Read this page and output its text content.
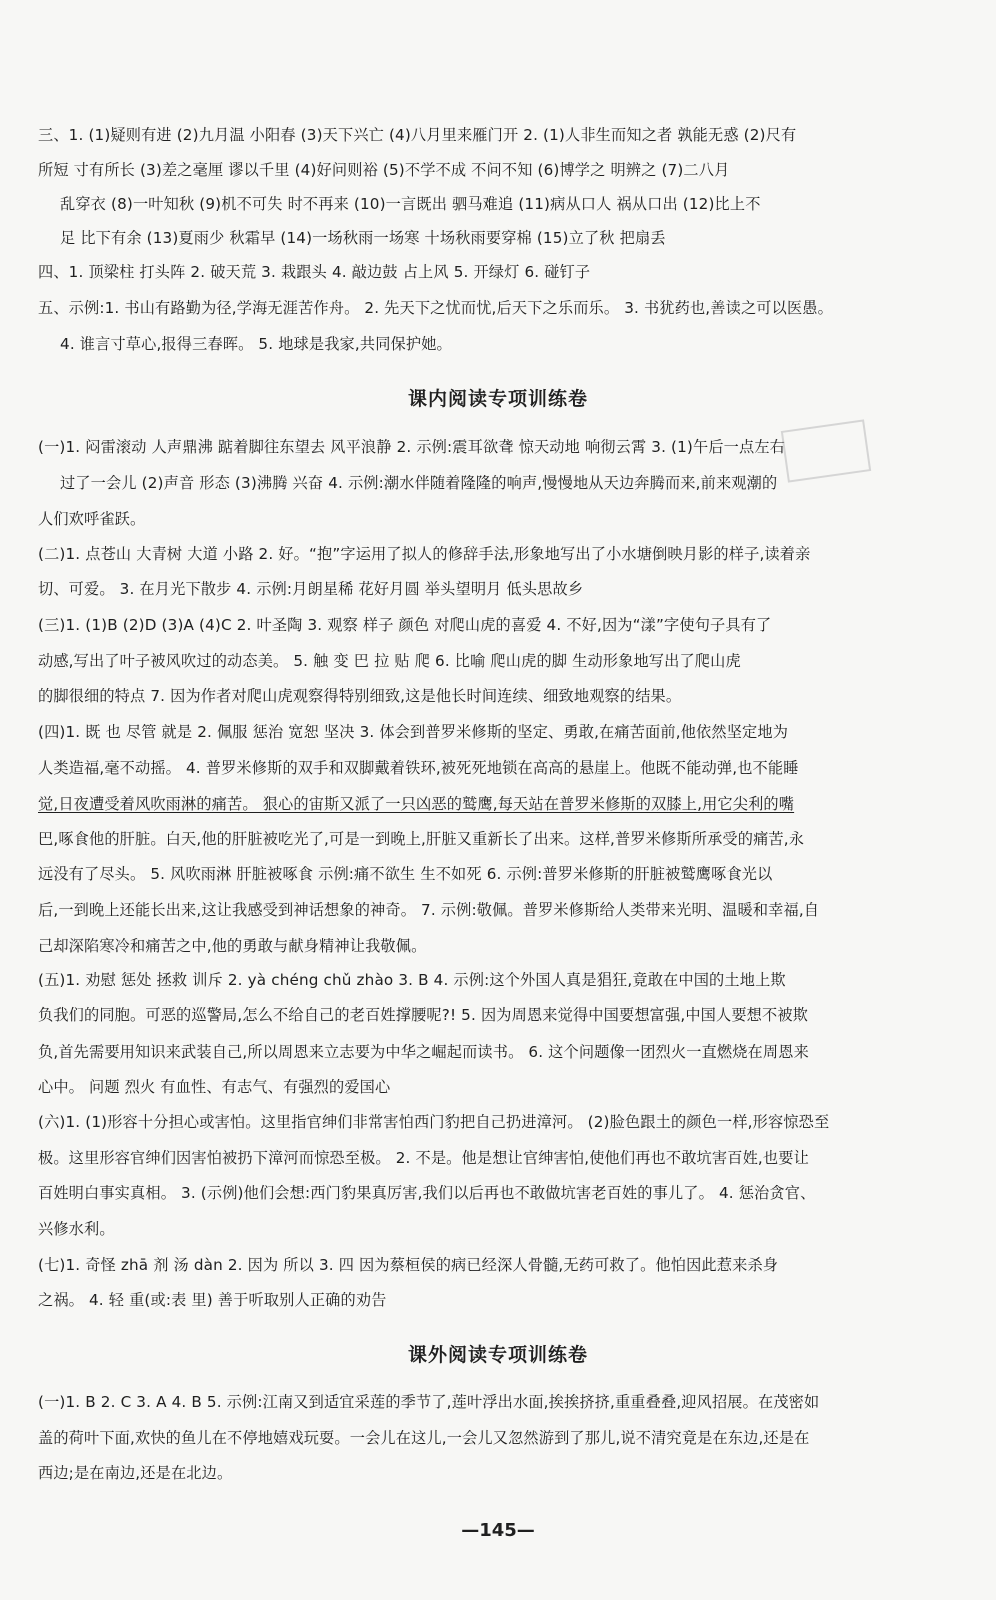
三、1. (1)疑则有进 (2)九月温 小阳春 (3)天下兴亡 (4)八月里来雁门开 2. (1)人非生而知之者 孰能无惑 (2)尺有
所短 寸有所长 (3)差之毫厘 谬以千里 (4)好问则裕 (5)不学不成 不问不知 (6)博学之 明辨之 (7)二八月
乱穿衣 (8)一叶知秋 (9)机不可失 时不再来 (10)一言既出 驷马难追 (11)病从口人 祸从口出 (12)比上不
足 比下有余 (13)夏雨少 秋霜早 (14)一场秋雨一场寒 十场秋雨要穿棉 (15)立了秋 把扇丢
四、1. 顶梁柱 打头阵 2. 破天荒 3. 栽跟头 4. 敲边鼓 占上风 5. 开绿灯 6. 碰钉子
五、示例:1. 书山有路勤为径,学海无涯苦作舟。 2. 先天下之忧而忧,后天下之乐而乐。 3. 书犹药也,善读之可以医愚。
4. 谁言寸草心,报得三春晖。 5. 地球是我家,共同保护她。
课内阅读专项训练卷
(一)1. 闷雷滚动 人声鼎沸 踮着脚往东望去 风平浪静 2. 示例:震耳欲聋 惊天动地 响彻云霄 3. (1)午后一点左右
过了一会儿 (2)声音 形态 (3)沸腾 兴奋 4. 示例:潮水伴随着隆隆的响声,慢慢地从天边奔腾而来,前来观潮的
人们欢呼雀跃。
(二)1. 点苍山 大青树 大道 小路 2. 好。“抱”字运用了拟人的修辞手法,形象地写出了小水塘倒映月影的样子,读着亲
切、可爱。 3. 在月光下散步 4. 示例:月朗星稀 花好月圆 举头望明月 低头思故乡
(三)1. (1)B (2)D (3)A (4)C 2. 叶圣陶 3. 观察 样子 颜色 对爬山虎的喜爱 4. 不好,因为“漾”字使句子具有了
动感,写出了叶子被风吹过的动态美。 5. 触 变 巴 拉 贴 爬 6. 比喻 爬山虎的脚 生动形象地写出了爬山虎
的脚很细的特点 7. 因为作者对爬山虎观察得特别细致,这是他长时间连续、细致地观察的结果。
(四)1. 既 也 尽管 就是 2. 佩服 惩治 宽恕 坚决 3. 体会到普罗米修斯的坚定、勇敢,在痛苦面前,他依然坚定地为
人类造福,毫不动摇。 4. 普罗米修斯的双手和双脚戴着铁环,被死死地锁在高高的悬崖上。他既不能动弹,也不能睡
觉,日夜遭受着风吹雨淋的痛苦。 狠心的宙斯又派了一只凶恶的鹫鹰,每天站在普罗米修斯的双膝上,用它尖利的嘴
巴,啄食他的肝脏。白天,他的肝脏被吃光了,可是一到晚上,肝脏又重新长了出来。这样,普罗米修斯所承受的痛苦,永
远没有了尽头。 5. 风吹雨淋 肝脏被啄食 示例:痛不欲生 生不如死 6. 示例:普罗米修斯的肝脏被鹫鹰啄食光以
后,一到晚上还能长出来,这让我感受到神话想象的神奇。 7. 示例:敬佩。普罗米修斯给人类带来光明、温暖和幸福,自
己却深陷寒冷和痛苦之中,他的勇敢与献身精神让我敬佩。
(五)1. 劝慰 惩处 拯救 训斥 2. yà chéng chǔ zhào 3. B 4. 示例:这个外国人真是猖狂,竟敢在中国的土地上欺
负我们的同胞。可恶的巡警局,怎么不给自己的老百姓撑腰呢?! 5. 因为周恩来觉得中国要想富强,中国人要想不被欺
负,首先需要用知识来武装自己,所以周恩来立志要为中华之崛起而读书。 6. 这个问题像一团烈火一直燃烧在周恩来
心中。 问题 烈火 有血性、有志气、有强烈的爱国心
(六)1. (1)形容十分担心或害怕。这里指官绅们非常害怕西门豹把自己扔进漳河。 (2)脸色跟土的颜色一样,形容惊恐至
极。这里形容官绅们因害怕被扔下漳河而惊恐至极。 2. 不是。他是想让官绅害怕,使他们再也不敢坑害百姓,也要让
百姓明白事实真相。 3. (示例)他们会想:西门豹果真厉害,我们以后再也不敢做坑害老百姓的事儿了。 4. 惩治贪官、
兴修水利。
(七)1. 奇怪 zhā 剂 汤 dàn 2. 因为 所以 3. 四 因为蔡桓侯的病已经深人骨髓,无药可救了。他怕因此惹来杀身
之祸。 4. 轻 重(或:表 里) 善于听取别人正确的劝告
课外阅读专项训练卷
(一)1. B 2. C 3. A 4. B 5. 示例:江南又到适宜采莲的季节了,莲叶浮出水面,挨挨挤挤,重重叠叠,迎风招展。在茂密如
盖的荷叶下面,欢快的鱼儿在不停地嬉戏玩耍。一会儿在这儿,一会儿又忽然游到了那儿,说不清究竟是在东边,还是在
西边;是在南边,还是在北边。
—145—
